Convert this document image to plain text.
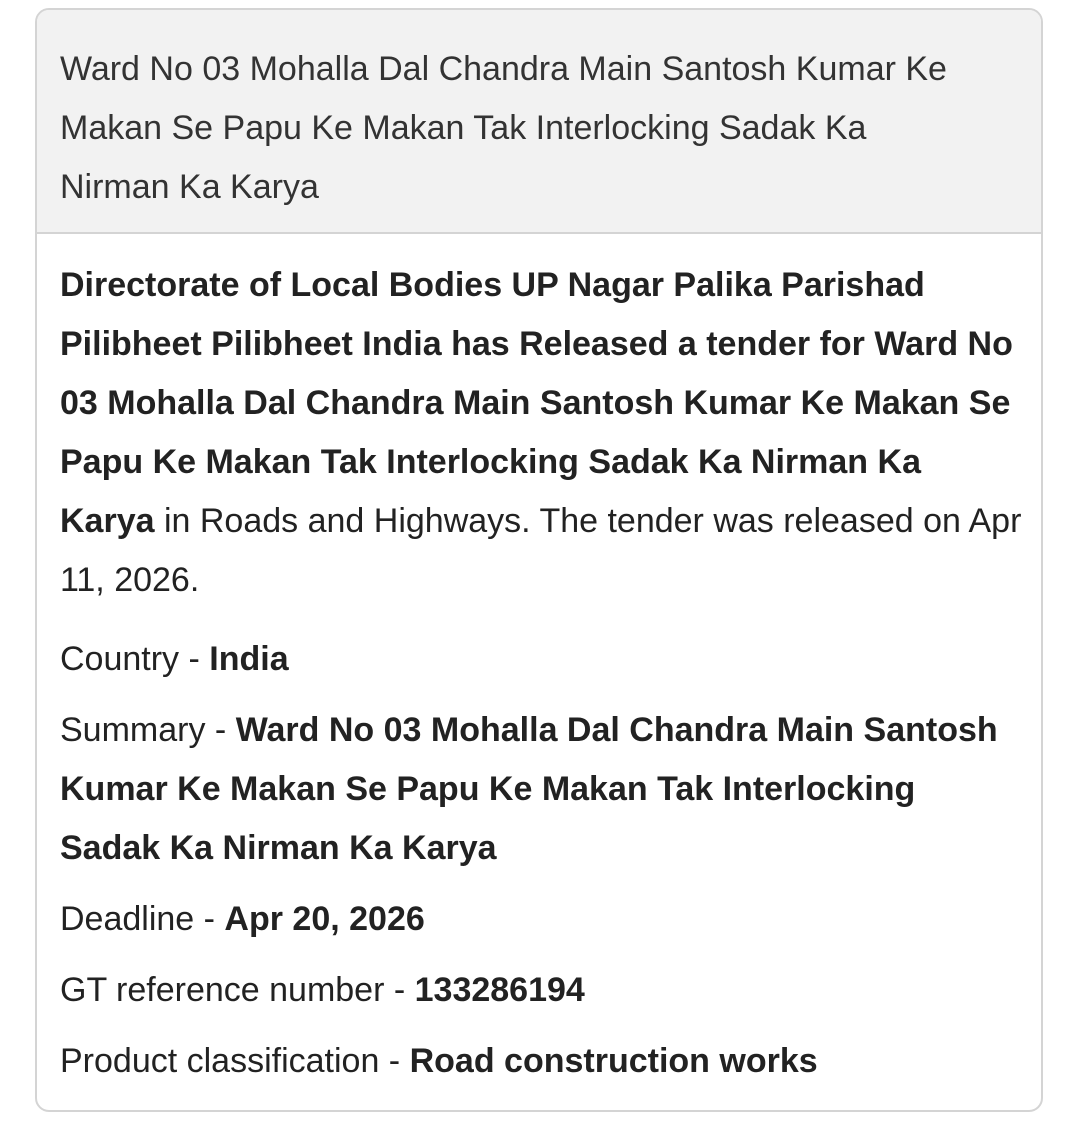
Ward No 03 Mohalla Dal Chandra Main Santosh Kumar Ke Makan Se Papu Ke Makan Tak Interlocking Sadak Ka Nirman Ka Karya

Directorate of Local Bodies UP Nagar Palika Parishad Pilibheet Pilibheet India has Released a tender for Ward No 03 Mohalla Dal Chandra Main Santosh Kumar Ke Makan Se Papu Ke Makan Tak Interlocking Sadak Ka Nirman Ka Karya in Roads and Highways. The tender was released on Apr 11, 2026.

Country - India

Summary - Ward No 03 Mohalla Dal Chandra Main Santosh Kumar Ke Makan Se Papu Ke Makan Tak Interlocking Sadak Ka Nirman Ka Karya

Deadline - Apr 20, 2026

GT reference number - 133286194

Product classification - Road construction works
